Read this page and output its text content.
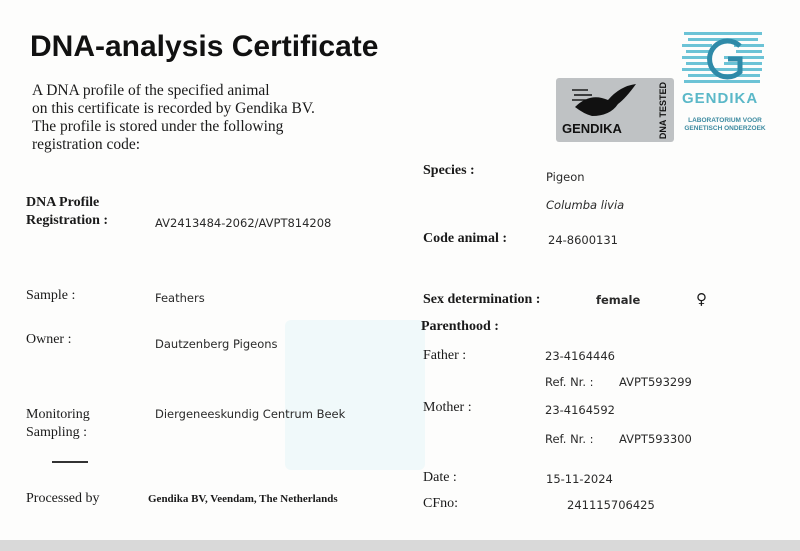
DNA-analysis Certificate
A DNA profile of the specified animal
on this certificate is recorded by Gendika BV.
The profile is stored under the following
registration code:
GENDIKA	DNA TESTED GENDIKA
LABORATORIUM VOOR
GENETISCH ONDERZOEK
DNA Profile
Registration :	AV2413484-2062/AVPT814208
Sample :	Feathers
Owner :	Dautzenberg Pigeons
Monitoring
Sampling :
Diergeneeskundig Centrum Beek
Processed by	Gendika BV, Veendam, The Netherlands
Species :	Pigeon
Columba livia
Code animal :	24-8600131
Sex determination :	female	♀
Parenthood :
Father :	23-4164446
Ref. Nr. : AVPT593299
Mother :	23-4164592
Ref. Nr. : AVPT593300
Date :	15-11-2024
CFno:	241115706425
